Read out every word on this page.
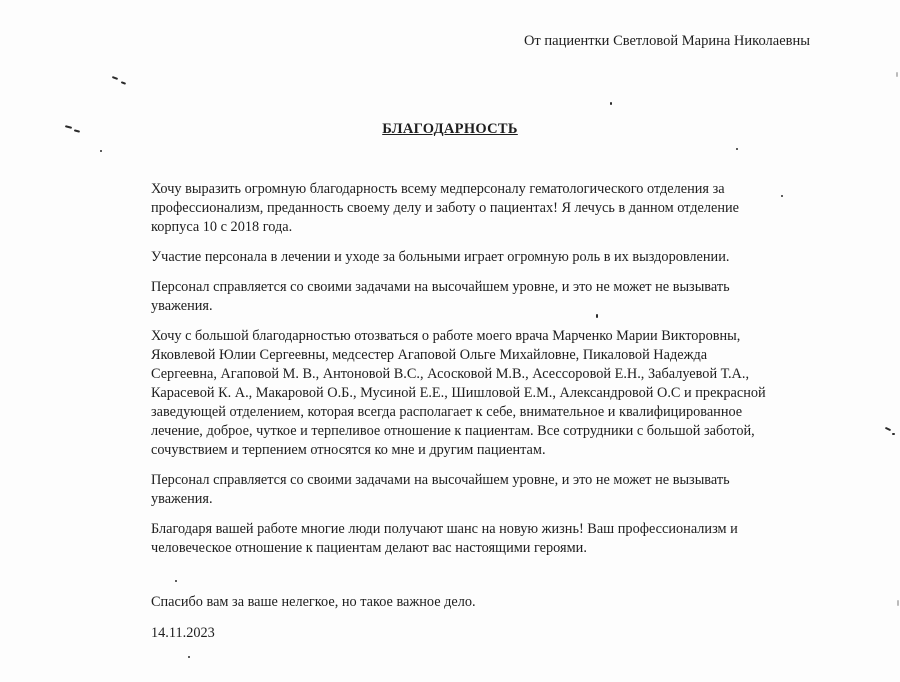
От пациентки Светловой Марина Николаевны
БЛАГОДАРНОСТЬ

Хочу выразить огромную благодарность всему медперсоналу гематологического отделения за профессионализм, преданность своему делу и заботу о пациентах! Я лечусь в данном отделение корпуса 10 с 2018 года.

Участие персонала в лечении и уходе за больными играет огромную роль в их выздоровлении.

Персонал справляется со своими задачами на высочайшем уровне, и это не может не вызывать уважения.

Хочу с большой благодарностью отозваться о работе моего врача Марченко Марии Викторовны, Яковлевой Юлии Сергеевны, медсестер Агаповой Ольге Михайловне, Пикаловой Надежда Сергеевна, Агаповой М. В., Антоновой В.С., Асосковой М.В., Асессоровой Е.Н., Забалуевой Т.А., Карасевой К. А., Макаровой О.Б., Мусиной Е.Е., Шишловой Е.М., Александровой О.С и прекрасной заведующей отделением, которая всегда располагает к себе, внимательное и квалифицированное лечение, доброе, чуткое и терпеливое отношение к пациентам. Все сотрудники с большой заботой, сочувствием и терпением относятся ко мне и другим пациентам.

Персонал справляется со своими задачами на высочайшем уровне, и это не может не вызывать уважения.

Благодаря вашей работе многие люди получают шанс на новую жизнь! Ваш профессионализм и человеческое отношение к пациентам делают вас настоящими героями.

Спасибо вам за ваше нелегкое, но такое важное дело.
14.11.2023
